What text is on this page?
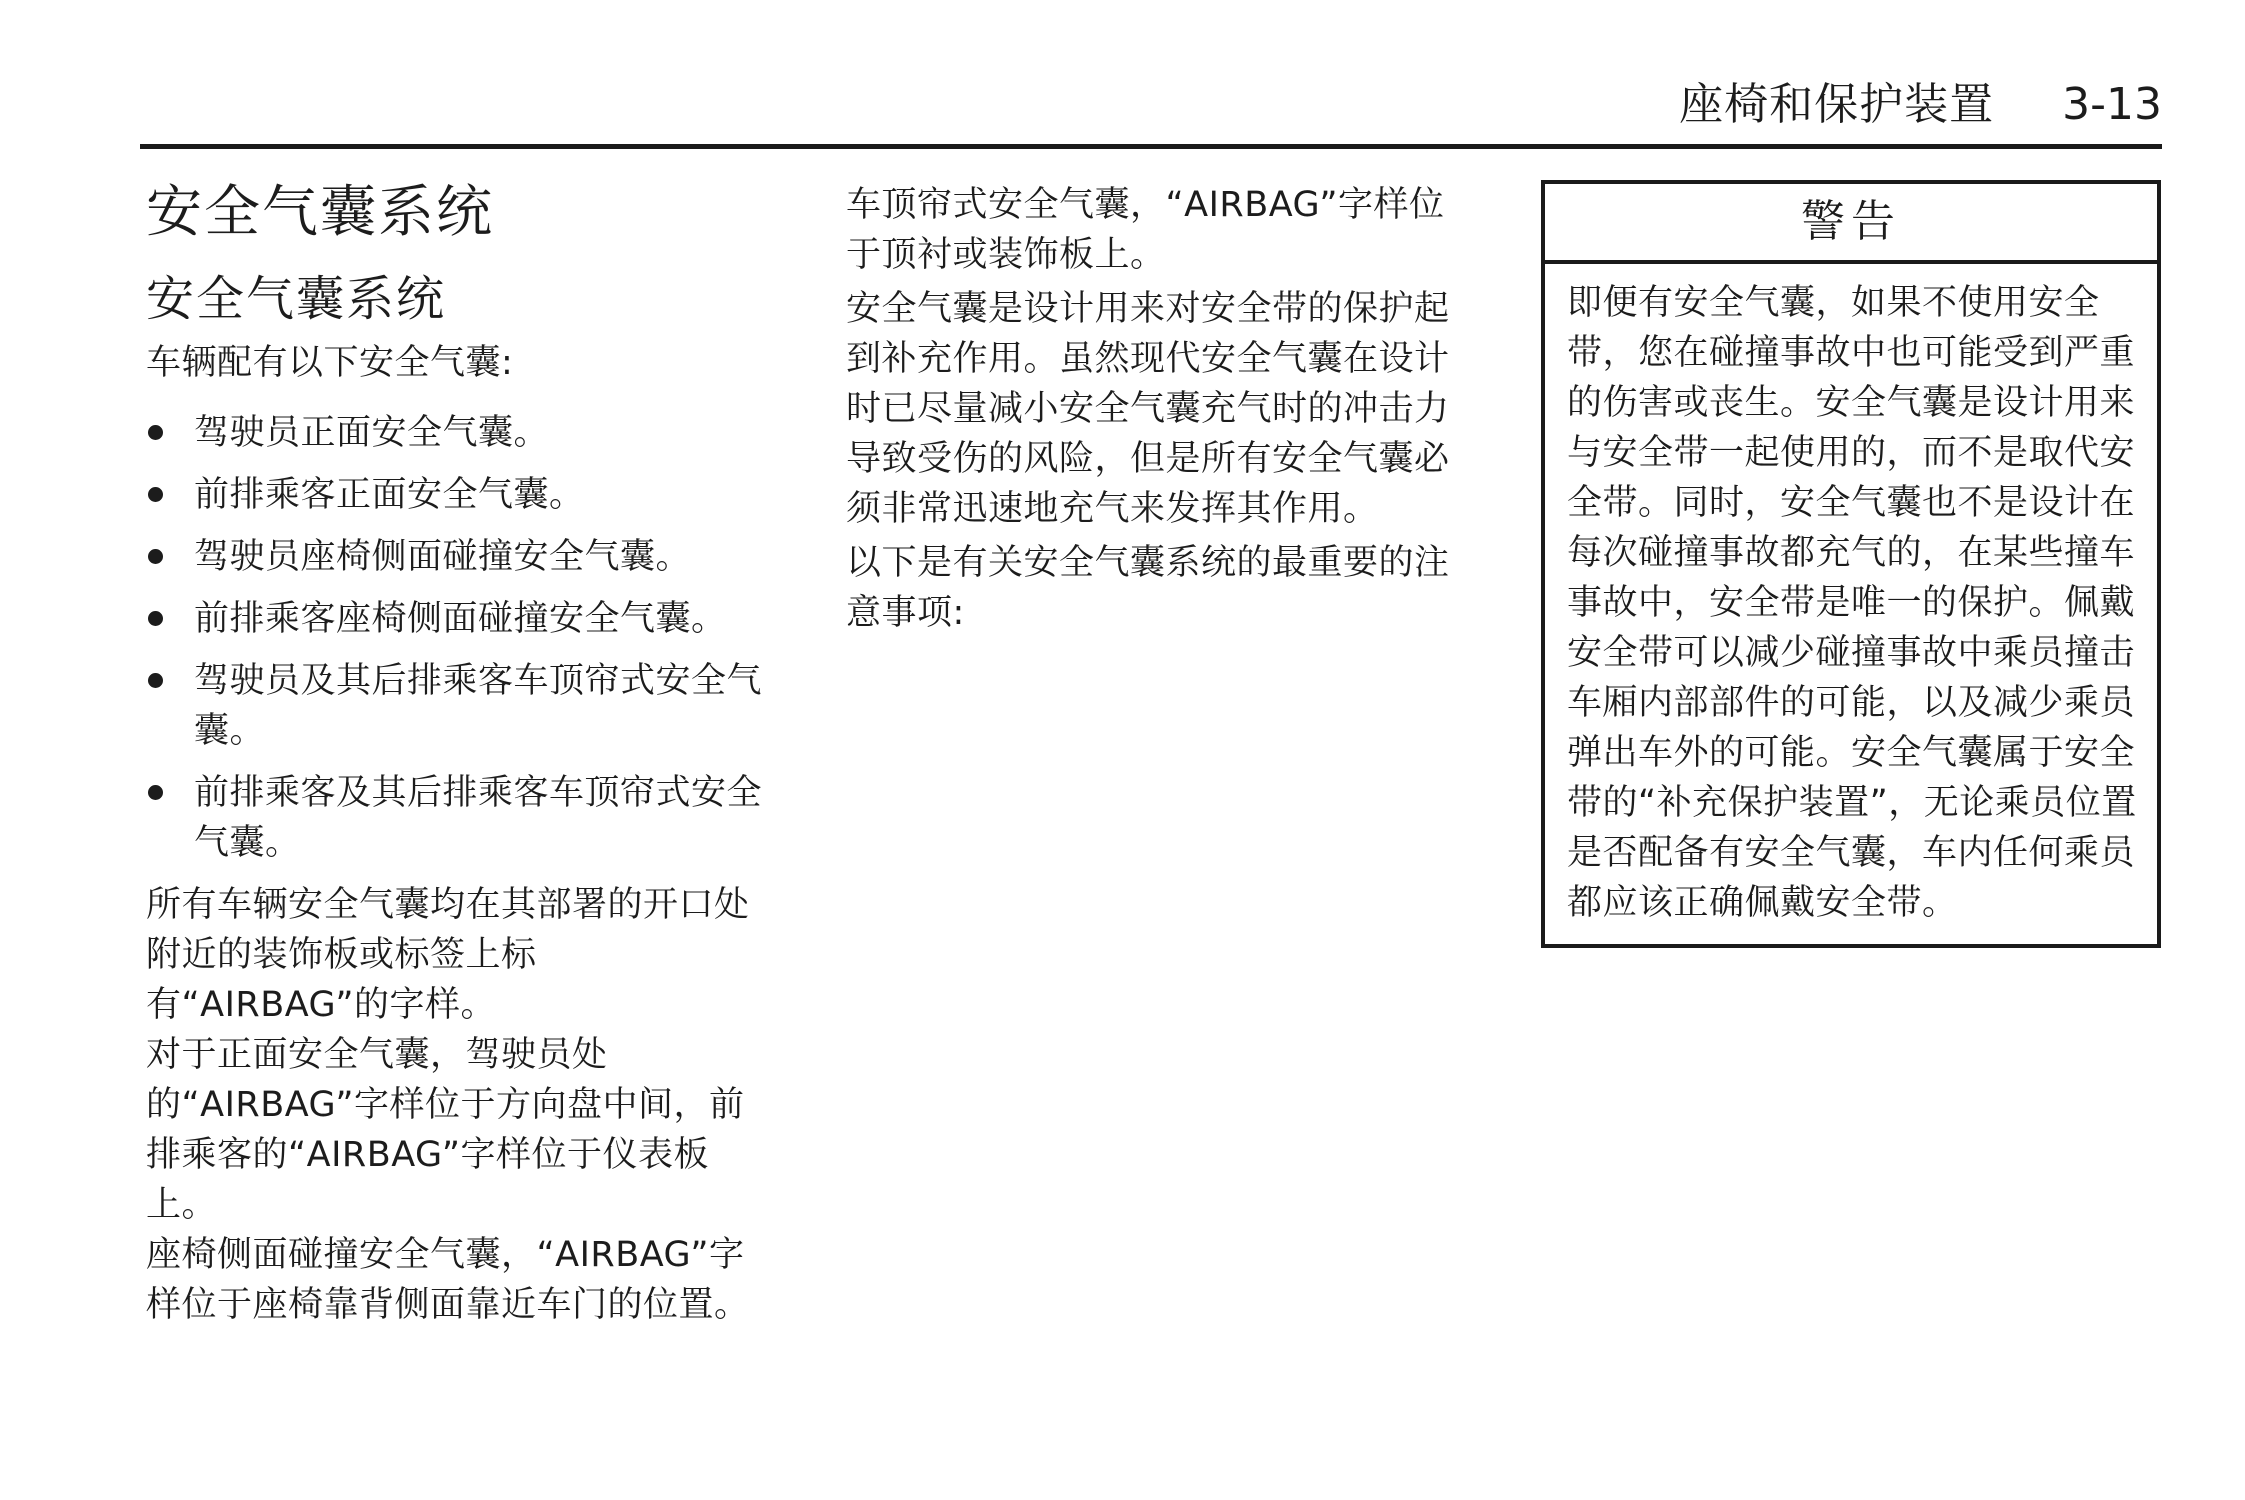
座椅和保护装置 3-13
安全气囊系统
安全气囊系统

车辆配有以下安全气囊:

驾驶员正面安全气囊。
前排乘客正面安全气囊。
驾驶员座椅侧面碰撞安全气囊。
前排乘客座椅侧面碰撞安全气囊。
驾驶员及其后排乘客车顶帘式安全气囊。
前排乘客及其后排乘客车顶帘式安全气囊。

所有车辆安全气囊均在其部署的开口处附近的装饰板或标签上标有“AIRBAG”的字样。

对于正面安全气囊，驾驶员处的“AIRBAG”字样位于方向盘中间，前排乘客的“AIRBAG”字样位于仪表板上。

座椅侧面碰撞安全气囊，“AIRBAG”字样位于座椅靠背侧面靠近车门的位置。

车顶帘式安全气囊，“AIRBAG”字样位于顶衬或装饰板上。

安全气囊是设计用来对安全带的保护起到补充作用。虽然现代安全气囊在设计时已尽量减小安全气囊充气时的冲击力导致受伤的风险，但是所有安全气囊必须非常迅速地充气来发挥其作用。

以下是有关安全气囊系统的最重要的注意事项:

警告
即便有安全气囊，如果不使用安全带，您在碰撞事故中也可能受到严重的伤害或丧生。安全气囊是设计用来与安全带一起使用的，而不是取代安全带。同时，安全气囊也不是设计在每次碰撞事故都充气的，在某些撞车事故中，安全带是唯一的保护。佩戴安全带可以减少碰撞事故中乘员撞击车厢内部部件的可能，以及减少乘员弹出车外的可能。安全气囊属于安全带的“补充保护装置”，无论乘员位置是否配备有安全气囊，车内任何乘员都应该正确佩戴安全带。
